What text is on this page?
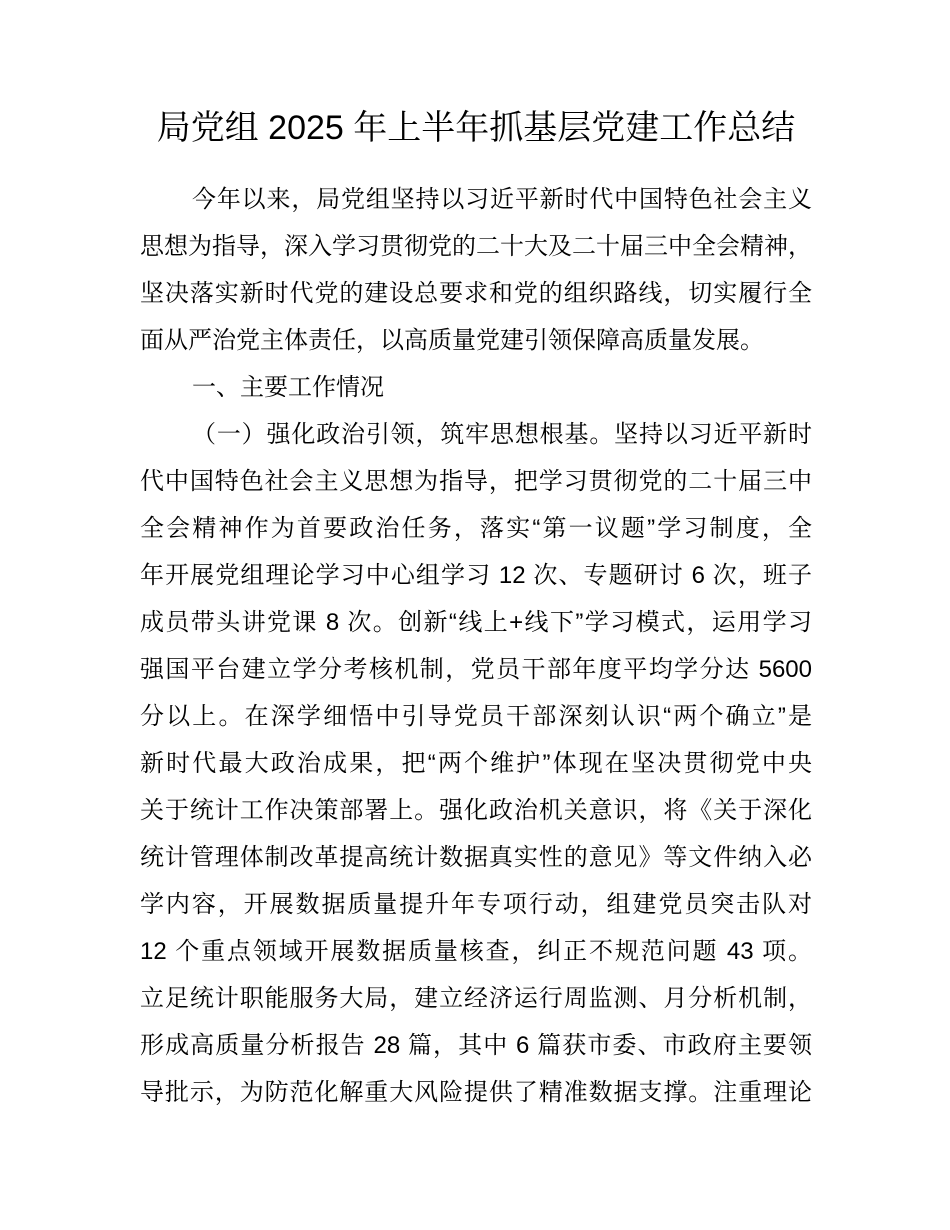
局党组 2025 年上半年抓基层党建工作总结
今年以来，局党组坚持以习近平新时代中国特色社会主义
思想为指导，深入学习贯彻党的二十大及二十届三中全会精神，
坚决落实新时代党的建设总要求和党的组织路线，切实履行全
面从严治党主体责任，以高质量党建引领保障高质量发展。
一、主要工作情况
（一）强化政治引领，筑牢思想根基。坚持以习近平新时
代中国特色社会主义思想为指导，把学习贯彻党的二十届三中
全会精神作为首要政治任务，落实“第一议题”学习制度，全
年开展党组理论学习中心组学习 12 次、专题研讨 6 次，班子
成员带头讲党课 8 次。创新“线上+线下”学习模式，运用学习
强国平台建立学分考核机制，党员干部年度平均学分达 5600
分以上。在深学细悟中引导党员干部深刻认识“两个确立”是
新时代最大政治成果，把“两个维护”体现在坚决贯彻党中央
关于统计工作决策部署上。强化政治机关意识，将《关于深化
统计管理体制改革提高统计数据真实性的意见》等文件纳入必
学内容，开展数据质量提升年专项行动，组建党员突击队对
12 个重点领域开展数据质量核查，纠正不规范问题 43 项。
立足统计职能服务大局，建立经济运行周监测、月分析机制，
形成高质量分析报告 28 篇，其中 6 篇获市委、市政府主要领
导批示，为防范化解重大风险提供了精准数据支撑。注重理论
